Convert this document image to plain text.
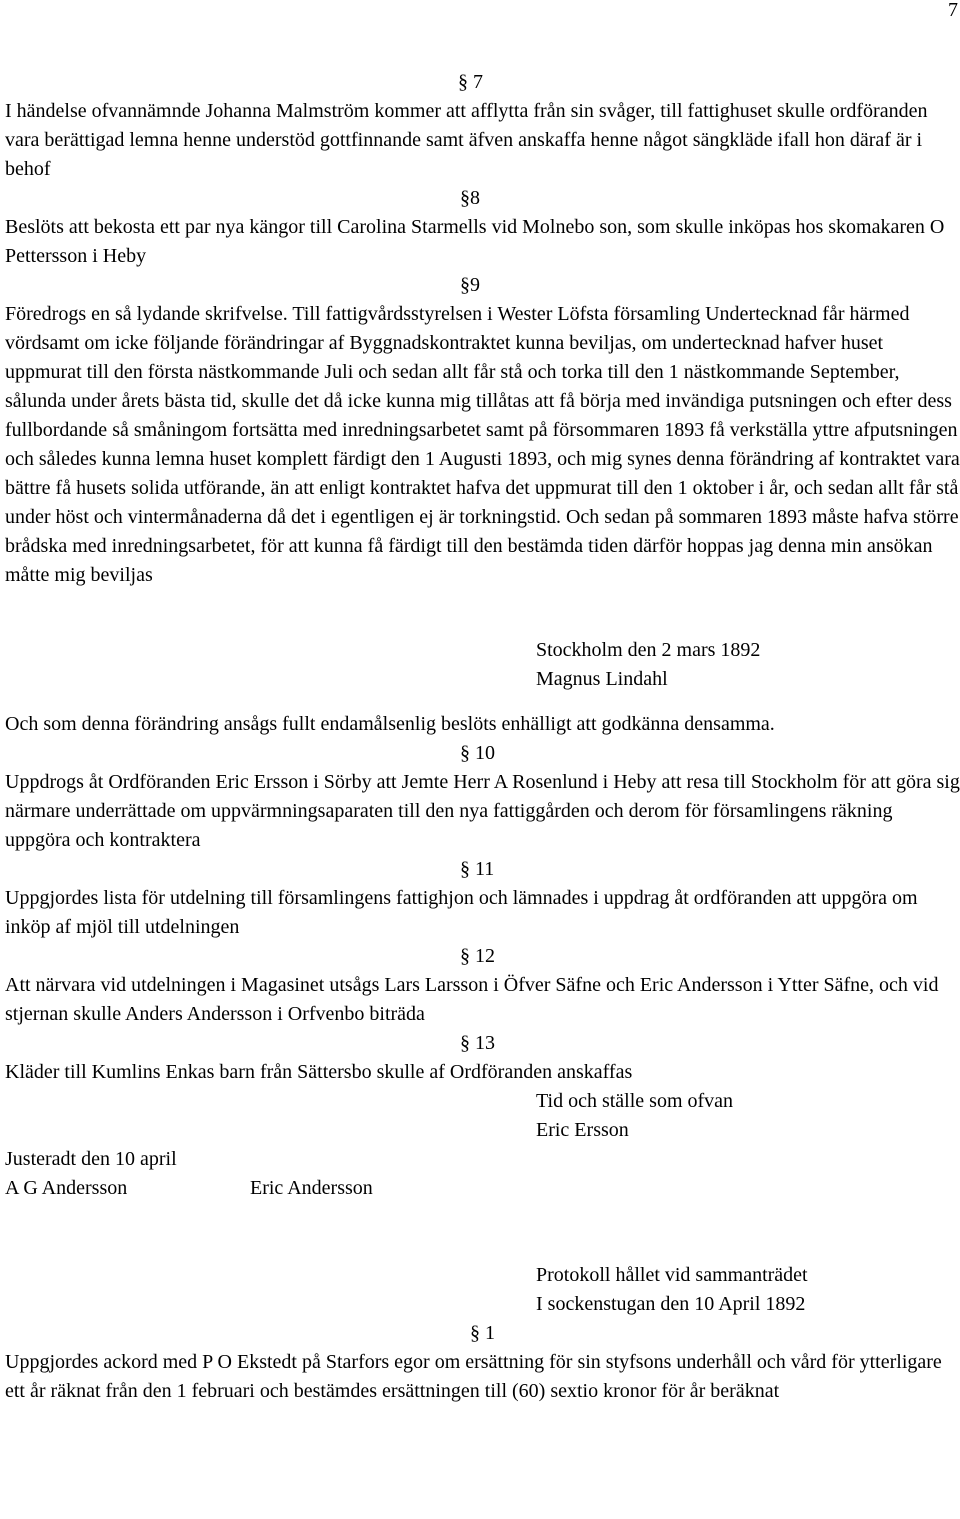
7

§ 7

I händelse ofvannämnde Johanna Malmström kommer att afflytta från sin svåger, till fattighuset skulle ordföranden vara berättigad lemna henne understöd gottfinnande samt äfven anskaffa henne något sängkläde ifall hon däraf är i behof

§8

Beslöts att bekosta ett par nya kängor till Carolina Starmells vid Molnebo son, som skulle inköpas hos skomakaren O Pettersson i Heby

§9

Föredrogs en så lydande skrifvelse. Till fattigvårdsstyrelsen i Wester Löfsta församling Undertecknad får härmed vördsamt om icke följande förändringar af Byggnadskontraktet kunna beviljas, om undertecknad hafver huset uppmurat till den första nästkommande Juli och sedan allt får stå och torka till den 1 nästkommande September, sålunda under årets bästa tid, skulle det då icke kunna mig tillåtas att få börja med invändiga putsningen och efter dess fullbordande så småningom fortsätta med inredningsarbetet samt på försommaren 1893 få verkställa yttre afputsningen och således kunna lemna huset komplett färdigt den 1 Augusti 1893, och mig synes denna förändring af kontraktet vara bättre få husets solida utförande, än att enligt kontraktet hafva det uppmurat till den 1 oktober i år, och sedan allt får stå under höst och vintermånaderna då det i egentligen ej är torkningstid. Och sedan på sommaren 1893 måste hafva större brådska med inredningsarbetet, för att kunna få färdigt till den bestämda tiden därför hoppas jag denna min ansökan måtte mig beviljas

Stockholm den 2 mars 1892

Magnus Lindahl

Och som denna förändring ansågs fullt endamålsenlig beslöts enhälligt att godkänna densamma.

§ 10

Uppdrogs åt Ordföranden Eric Ersson i Sörby att Jemte Herr A Rosenlund i Heby att resa till Stockholm för att göra sig närmare underrättade om uppvärmningsaparaten till den nya fattiggården och derom för församlingens räkning uppgöra och kontraktera

§ 11

Uppgjordes lista för utdelning till församlingens fattighjon och lämnades i uppdrag åt ordföranden att uppgöra om inköp af mjöl till utdelningen

§ 12

Att närvara vid utdelningen i Magasinet utsågs Lars Larsson i Öfver Säfne och Eric Andersson i Ytter Säfne, och vid stjernan skulle Anders Andersson i Orfvenbo biträda

§ 13

Kläder till Kumlins Enkas barn från Sättersbo skulle af Ordföranden anskaffas

Tid och ställe som ofvan

Eric Ersson

Justeradt den 10 april

A G Andersson	Eric Andersson

Protokoll hållet vid sammanträdet

I sockenstugan den 10 April 1892

§ 1

Uppgjordes ackord med P O Ekstedt på Starfors egor om ersättning för sin styfsons underhåll och vård för ytterligare ett år räknat från den 1 februari och bestämdes ersättningen till (60) sextio kronor för år beräknat
